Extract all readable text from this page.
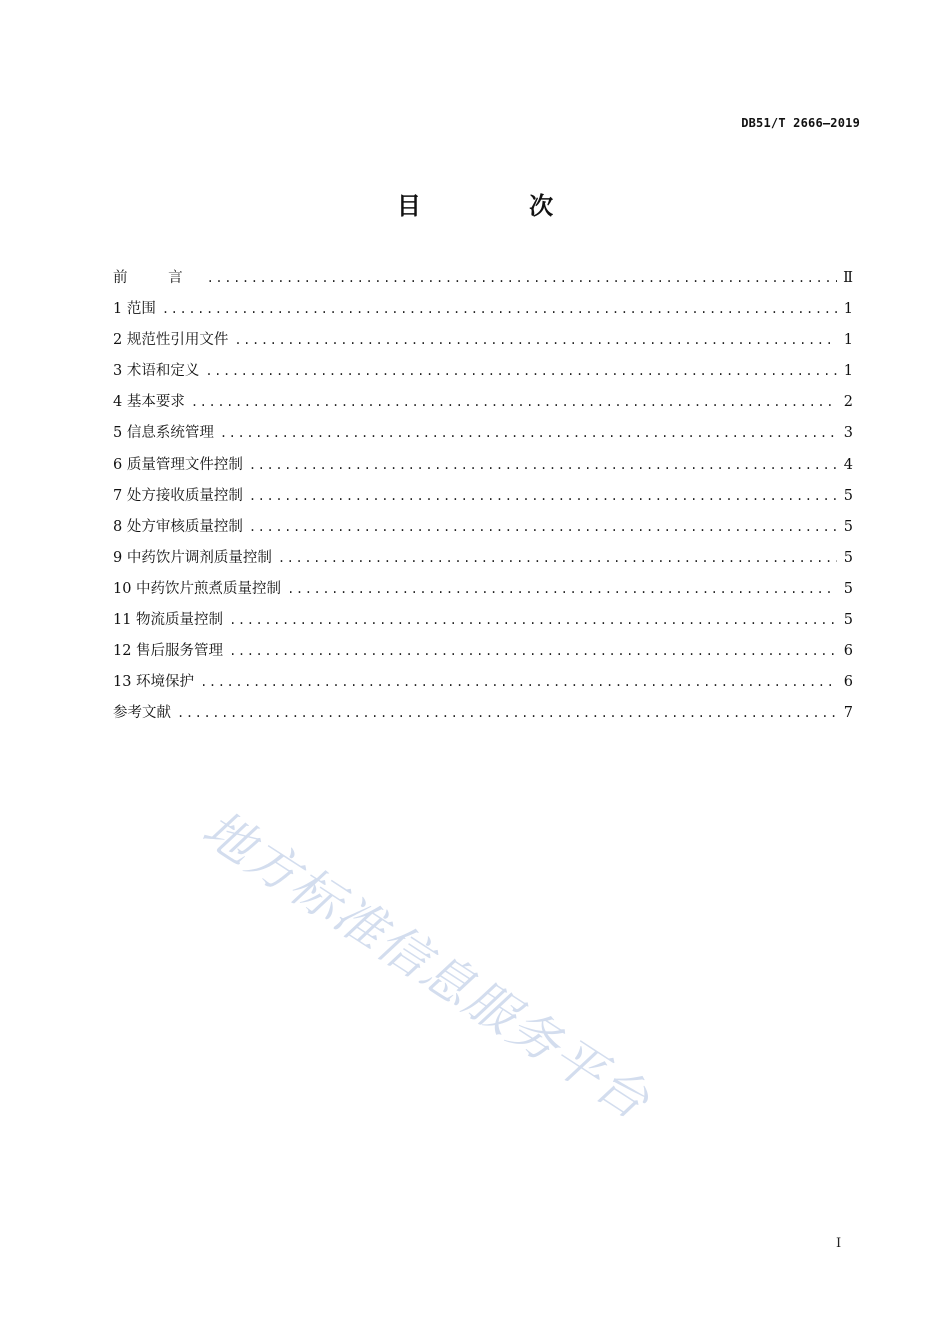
DB51/T 2666—2019
目 次
前 言 .....	Ⅱ
1 范围 .....	1
2 规范性引用文件 .....	1
3 术语和定义 .....	1
4 基本要求 .....	2
5 信息系统管理 .....	3
6 质量管理文件控制 .....	4
7 处方接收质量控制 .....	5
8 处方审核质量控制 .....	5
9 中药饮片调剂质量控制 .....	5
10 中药饮片煎煮质量控制 .....	5
11 物流质量控制 .....	5
12 售后服务管理 .....	6
13 环境保护 .....	6
参考文献 .....	7
地方标准信息服务平台
I
